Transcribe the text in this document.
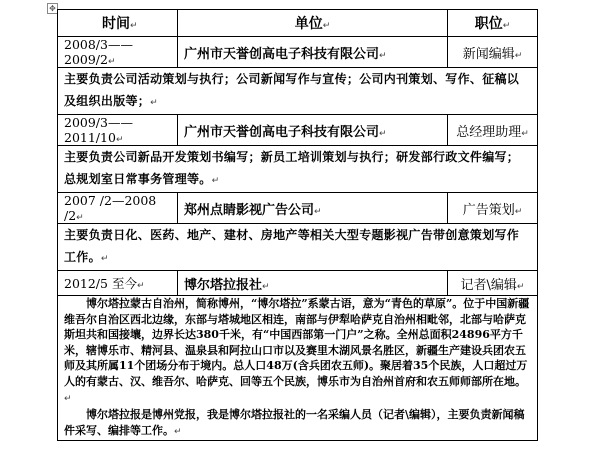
✥
时间↵	单位↵	职位↵
2008/3——2009/2↵	广州市天誉创高电子科技有限公司↵	新闻编辑↵

主要负责公司活动策划与执行；公司新闻写作与宣传；公司内刊策划、写作、征稿以及组织出版等；↵		

2009/3——2011/10↵	广州市天誉创高电子科技有限公司↵	总经理助理↵

主要负责公司新品开发策划书编写；新员工培训策划与执行；研发部行政文件编写；总规划室日常事务管理等。↵		

2007 /2—2008 /2↵	郑州点睛影视广告公司↵	广告策划↵

主要负责日化、医药、地产、建材、房地产等相关大型专题影视广告带创意策划写作工作。↵		

2012/5 至今↵	博尔塔拉报社↵	记者\编辑↵

博尔塔拉蒙古自治州，简称博州，“博尔塔拉”系蒙古语，意为“青色的草原”。位于中国新疆维吾尔自治区西北边缘，东部与塔城地区相连，南部与伊犁哈萨克自治州相毗邻，北部与哈萨克斯坦共和国接壤，边界长达380千米，有“中国西部第一门户”之称。全州总面积24896平方千米，辖博乐市、精河县、温泉县和阿拉山口市以及赛里木湖风景名胜区，新疆生产建设兵团农五师及其所属11个团场分布于境内。总人口48万(含兵团农五师)。聚居着35个民族，人口超过万人的有蒙古、汉、维吾尔、哈萨克、回等五个民族，博乐市为自治州首府和农五师师部所在地。↵

博尔塔拉报是博州党报，我是博尔塔拉报社的一名采编人员（记者\编辑），主要负责新闻稿件采写、编排等工作。↵		
